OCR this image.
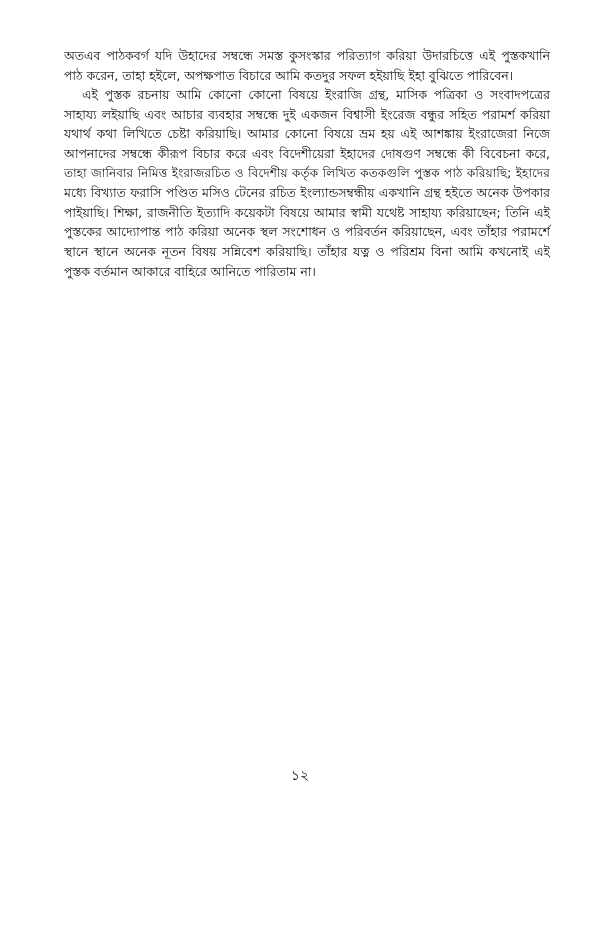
অতএব পাঠকবর্গ যদি উহাদের সম্বন্ধে সমস্ত কুসংস্কার পরিত্যাগ করিয়া উদারচিত্তে এই পুস্তকখানি
পাঠ করেন, তাহা হইলে, অপক্ষপাত বিচারে আমি কতদুর সফল হইয়াছি ইহা বুঝিতে পারিবেন।

এই পুস্তক রচনায় আমি কোনো কোনো বিষয়ে ইংরাজি গ্রন্থ, মাসিক পত্রিকা ও সংবাদপত্রের
সাহায্য লইয়াছি এবং আচার ব্যবহার সম্বন্ধে দুই একজন বিশ্বাসী ইংরেজ বন্ধুর সহিত পরামর্শ করিয়া
যথার্থ কথা লিখিতে চেষ্টা করিয়াছি। আমার কোনো বিষয়ে ভ্রম হয় এই আশঙ্কায় ইংরাজেরা নিজে
আপনাদের সম্বন্ধে কীরূপ বিচার করে এবং বিদেশীয়েরা ইহাদের দোষগুণ সম্বন্ধে কী বিবেচনা করে,
তাহা জানিবার নিমিত্ত ইংরাজরচিত ও বিদেশীয় কর্তৃক লিখিত কতকগুলি পুস্তক পাঠ করিয়াছি; ইহাদের
মধ্যে বিখ্যাত ফরাসি পণ্ডিত মসিও টেনের রচিত ইংল্যান্ডসম্বন্ধীয় একখানি গ্রন্থ হইতে অনেক উপকার
পাইয়াছি। শিক্ষা, রাজনীতি ইত্যাদি কয়েকটা বিষয়ে আমার স্বামী যথেষ্ট সাহায্য করিয়াছেন; তিনি এই
পুস্তকের আদ্যোপান্ত পাঠ করিয়া অনেক স্থল সংশোধন ও পরিবর্তন করিয়াছেন, এবং তাঁহার পরামর্শে
স্থানে স্থানে অনেক নূতন বিষয় সন্নিবেশ করিয়াছি। তাঁহার যত্ন ও পরিশ্রম বিনা আমি কখনোই এই
পুস্তক বর্তমান আকারে বাহিরে আনিতে পারিতাম না।

১২
